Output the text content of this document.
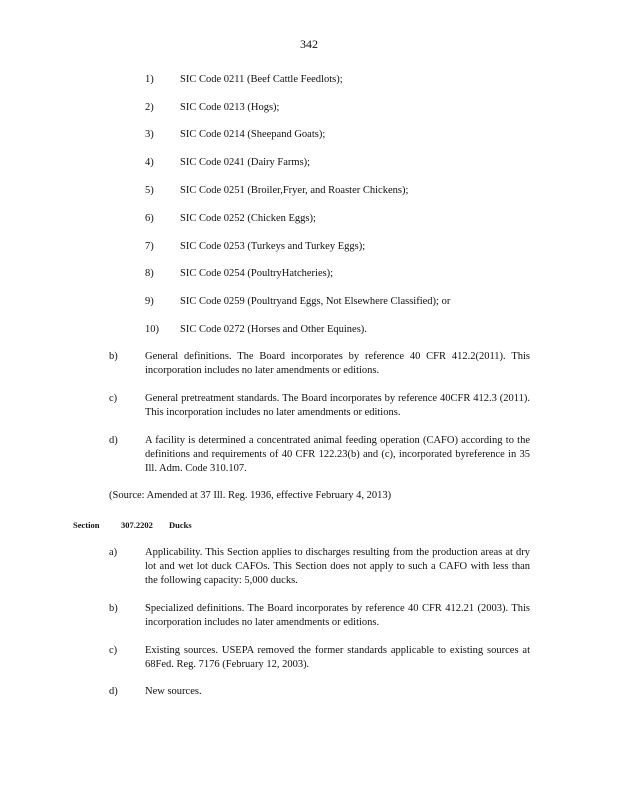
342
1)	SIC Code 0211 (Beef Cattle Feedlots);
2)	SIC Code 0213 (Hogs);
3)	SIC Code 0214 (Sheepand Goats);
4)	SIC Code 0241 (Dairy Farms);
5)	SIC Code 0251 (Broiler,Fryer, and Roaster Chickens);
6)	SIC Code 0252 (Chicken Eggs);
7)	SIC Code 0253 (Turkeys and Turkey Eggs);
8)	SIC Code 0254 (PoultryHatcheries);
9)	SIC Code 0259 (Poultryand Eggs, Not Elsewhere Classified); or
10) SIC Code 0272 (Horses and Other Equines).
b)	General definitions. The Board incorporates by reference 40 CFR 412.2(2011). This incorporation includes no later amendments or editions.
c)	General pretreatment standards. The Board incorporates by reference 40CFR 412.3 (2011). This incorporation includes no later amendments or editions.
d)	A facility is determined a concentrated animal feeding operation (CAFO) according to the definitions and requirements of 40 CFR 122.23(b) and (c), incorporated byreference in 35 Ill. Adm. Code 310.107.
(Source: Amended at 37 Ill. Reg. 1936, effective February 4, 2013)
Section	307.2202 Ducks
a)	Applicability. This Section applies to discharges resulting from the production areas at dry lot and wet lot duck CAFOs. This Section does not apply to such a CAFO with less than the following capacity: 5,000 ducks.
b)	Specialized definitions. The Board incorporates by reference 40 CFR 412.21 (2003). This incorporation includes no later amendments or editions.
c)	Existing sources. USEPA removed the former standards applicable to existing sources at 68Fed. Reg. 7176 (February 12, 2003).
d)	New sources.
